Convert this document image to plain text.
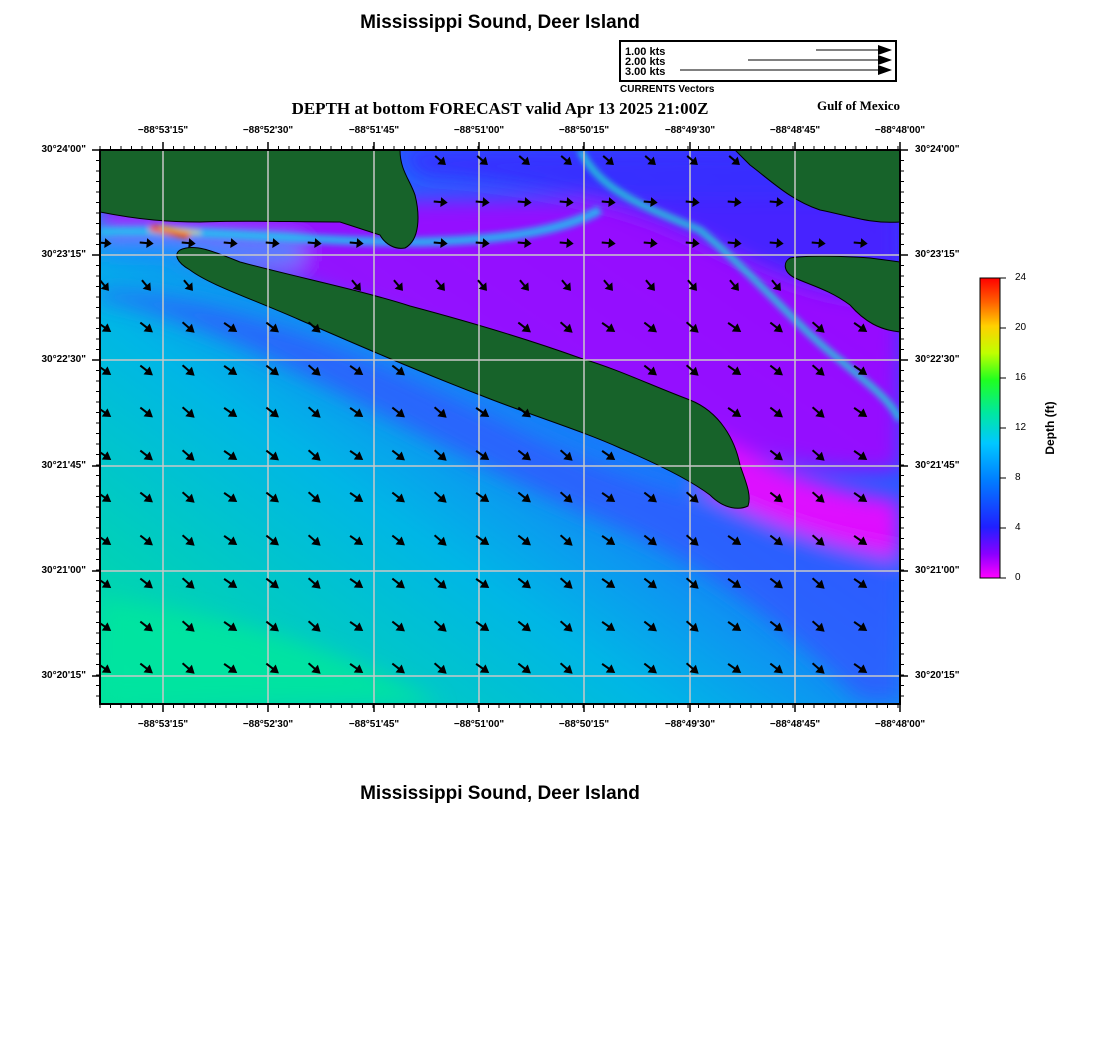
Mississippi Sound, Deer Island
DEPTH at bottom FORECAST valid Apr 13 2025 21:00Z	Gulf of Mexico
1.00 kts
2.00 kts
3.00 kts
CURRENTS Vectors
−88°53'15"
−88°53'15"
−88°52'30"
−88°52'30"
−88°51'45"
−88°51'45"
−88°51'00"
−88°51'00"
−88°50'15"
−88°50'15"
−88°49'30"
−88°49'30"
−88°48'45"
−88°48'45"
−88°48'00"
−88°48'00"
30°24'00"	30°24'00"
30°23'15"	30°23'15"
30°22'30"	30°22'30"
30°21'45"	30°21'45"
30°21'00"	30°21'00"
30°20'15"	30°20'15"
24
20
16
12
8
4
0
Depth (ft)
Mississippi Sound, Deer Island
